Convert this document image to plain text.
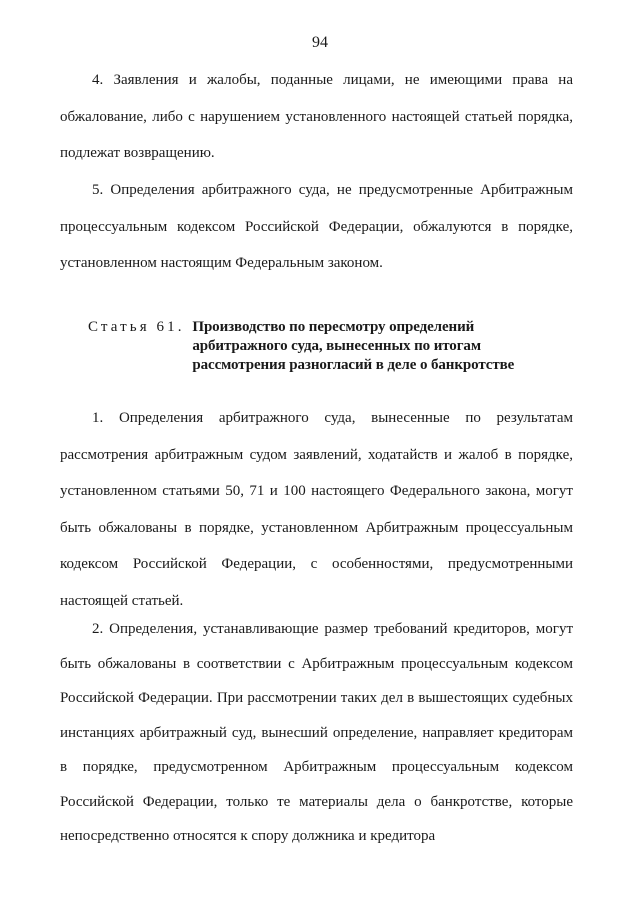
94

4. Заявления и жалобы, поданные лицами, не имеющими права на обжалование, либо с нарушением установленного настоящей статьей порядка, подлежат возвращению.

5. Определения арбитражного суда, не предусмотренные Арбитражным процессуальным кодексом Российской Федерации, обжалуются в порядке, установленном настоящим Федеральным законом.

Статья 61. Производство по пересмотру определений
арбитражного суда, вынесенных по итогам
рассмотрения разногласий в деле о банкротстве

1. Определения арбитражного суда, вынесенные по результатам рассмотрения арбитражным судом заявлений, ходатайств и жалоб в порядке, установленном статьями 50, 71 и 100 настоящего Федерального закона, могут быть обжалованы в порядке, установленном Арбитражным процессуальным кодексом Российской Федерации, с особенностями, предусмотренными настоящей статьей.

2. Определения, устанавливающие размер требований кредиторов, могут быть обжалованы в соответствии с Арбитражным процессуальным кодексом Российской Федерации. При рассмотрении таких дел в вышестоящих судебных инстанциях арбитражный суд, вынесший определение, направляет кредиторам в порядке, предусмотренном Арбитражным процессуальным кодексом Российской Федерации, только те материалы дела о банкротстве, которые непосредственно относятся к спору должника и кредитора
